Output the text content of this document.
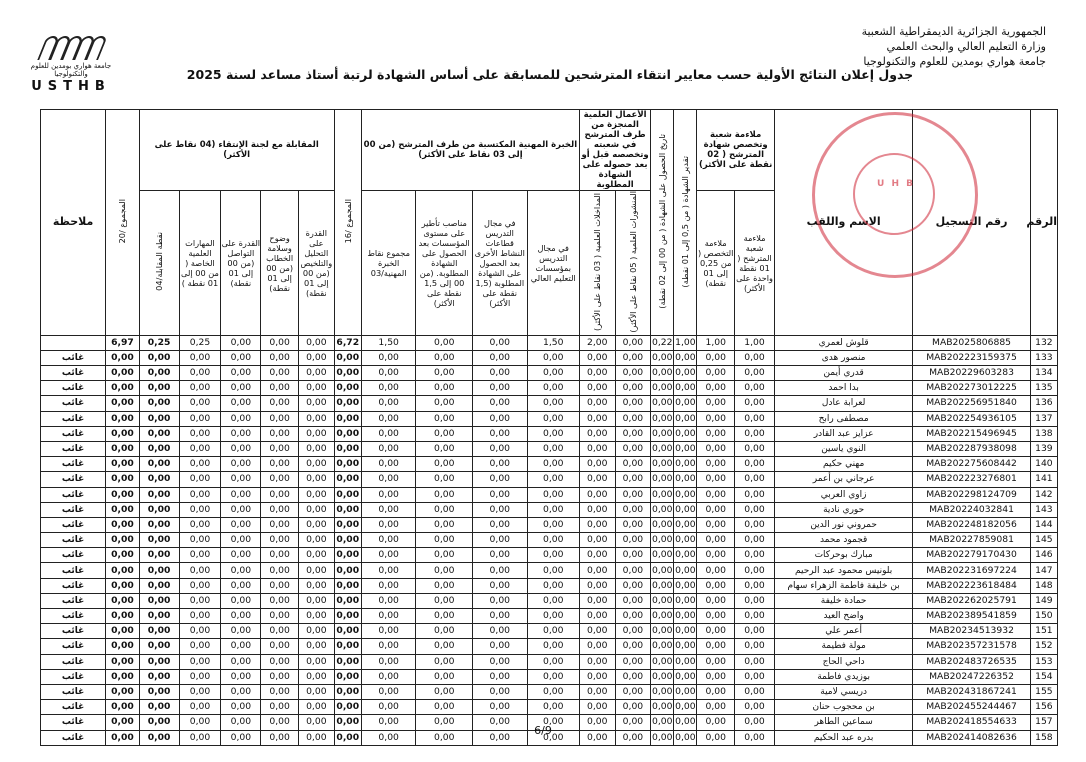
الجمهورية الجزائرية الديمقراطية الشعبية
وزارة التعليم العالي والبحث العلمي
جامعة هواري بومدين للعلوم والتكنولوجيا
جامعة هواري بومدين للعلوم والتكنولوجيا
USTHB
جدول إعلان النتائج الأولية حسب معايير انتقاء المترشحين للمسابقة على أساس الشهادة لرتبة أستاذ مساعد لسنة 2025
الرقم	رقم التسجيل	الاسم واللقب	ملاءمة شعبة وتخصص شهادة المترشح ( 02 نقطة على الأكثر)		تقدير الشهادة ( من 0,5 إلى 01 نقطة)	تاريخ الحصول على الشهادة ( من 00 إلى 02 نقطة)	الأعمال العلمية المنجزة من طرف المترشح في شعبته وتخصصه قبل أو بعد حصوله على الشهادة المطلوبة		الخبرة المهنية المكتسبة من طرف المترشح (من 00 إلى 03 نقاط على الأكثر)				المجموع /16	المقابلة مع لجنة الإنتقاء (04 نقاط على الأكثر)					المجموع /20	ملاحظة
			ملاءمة شعبة المترشح ( 01 نقطة واحدة على الأكثر)	ملاءمة التخصص ( من 0,25 إلى 01 نقطة)			المنشورات العلمية ( 05 نقاط على الأكثر)	المداخلات العلمية ( 03 نقاط على الأكثر)	في مجال التدريس بمؤسسات التعليم العالي	في مجال التدريس قطاعات النشاط الأخرى بعد الحصول على الشهادة المطلوبة (1,5 نقطة على الأكثر)	مناصب تأطير على مستوى المؤسسات بعد الحصول على الشهادة المطلوبة. (من 00 إلى 1,5 نقطة على الأكثر)	مجموع نقاط الخبرة المهنية/03		القدرة على التحليل والتلخيص (من 00 إلى 01 نقطة)	وضوح وسلامة الخطاب (من 00 إلى 01 نقطة)	القدرة على التواصل (من 00 إلى 01 نقطة)	المهارات العلمية الخاصة ( من 00 إلى 01 نقطة )	نقطة المقابلة/04		
132	MAB2025806885	قلوش لعمري	1,00	1,00	1,00	0,22	0,00	2,00	1,50	0,00	0,00	1,50	6,72	0,00	0,00	0,00	0,25	0,25	6,97	
133	MAB202223159375	منصور هدى	0,00	0,00	0,00	0,00	0,00	0,00	0,00	0,00	0,00	0,00	0,00	0,00	0,00	0,00	0,00	0,00	0,00	غائب
134	MAB20229603283	قدري أيمن	0,00	0,00	0,00	0,00	0,00	0,00	0,00	0,00	0,00	0,00	0,00	0,00	0,00	0,00	0,00	0,00	0,00	غائب
135	MAB202273012225	بدا احمد	0,00	0,00	0,00	0,00	0,00	0,00	0,00	0,00	0,00	0,00	0,00	0,00	0,00	0,00	0,00	0,00	0,00	غائب
136	MAB202256951840	لعرابة عادل	0,00	0,00	0,00	0,00	0,00	0,00	0,00	0,00	0,00	0,00	0,00	0,00	0,00	0,00	0,00	0,00	0,00	غائب
137	MAB202254936105	مصطفى رابح	0,00	0,00	0,00	0,00	0,00	0,00	0,00	0,00	0,00	0,00	0,00	0,00	0,00	0,00	0,00	0,00	0,00	غائب
138	MAB202215496945	عزايز عبد القادر	0,00	0,00	0,00	0,00	0,00	0,00	0,00	0,00	0,00	0,00	0,00	0,00	0,00	0,00	0,00	0,00	0,00	غائب
139	MAB202287938098	النوي ياسين	0,00	0,00	0,00	0,00	0,00	0,00	0,00	0,00	0,00	0,00	0,00	0,00	0,00	0,00	0,00	0,00	0,00	غائب
140	MAB202275608442	مهني حكيم	0,00	0,00	0,00	0,00	0,00	0,00	0,00	0,00	0,00	0,00	0,00	0,00	0,00	0,00	0,00	0,00	0,00	غائب
141	MAB202223276801	عرجاني بن أعمر	0,00	0,00	0,00	0,00	0,00	0,00	0,00	0,00	0,00	0,00	0,00	0,00	0,00	0,00	0,00	0,00	0,00	غائب
142	MAB202298124709	زاوي العربي	0,00	0,00	0,00	0,00	0,00	0,00	0,00	0,00	0,00	0,00	0,00	0,00	0,00	0,00	0,00	0,00	0,00	غائب
143	MAB20224032841	حوري نادية	0,00	0,00	0,00	0,00	0,00	0,00	0,00	0,00	0,00	0,00	0,00	0,00	0,00	0,00	0,00	0,00	0,00	غائب
144	MAB202248182056	حمروني نور الدين	0,00	0,00	0,00	0,00	0,00	0,00	0,00	0,00	0,00	0,00	0,00	0,00	0,00	0,00	0,00	0,00	0,00	غائب
145	MAB20227859081	قجمود محمد	0,00	0,00	0,00	0,00	0,00	0,00	0,00	0,00	0,00	0,00	0,00	0,00	0,00	0,00	0,00	0,00	0,00	غائب
146	MAB202279170430	مبارك بوحركات	0,00	0,00	0,00	0,00	0,00	0,00	0,00	0,00	0,00	0,00	0,00	0,00	0,00	0,00	0,00	0,00	0,00	غائب
147	MAB202231697224	بلونيس محمود عبد الرحيم	0,00	0,00	0,00	0,00	0,00	0,00	0,00	0,00	0,00	0,00	0,00	0,00	0,00	0,00	0,00	0,00	0,00	غائب
148	MAB202223618484	بن خليفة فاطمة الزهراء سهام	0,00	0,00	0,00	0,00	0,00	0,00	0,00	0,00	0,00	0,00	0,00	0,00	0,00	0,00	0,00	0,00	0,00	غائب
149	MAB202262025791	حمادة خليفة	0,00	0,00	0,00	0,00	0,00	0,00	0,00	0,00	0,00	0,00	0,00	0,00	0,00	0,00	0,00	0,00	0,00	غائب
150	MAB202389541859	واضح العيد	0,00	0,00	0,00	0,00	0,00	0,00	0,00	0,00	0,00	0,00	0,00	0,00	0,00	0,00	0,00	0,00	0,00	غائب
151	MAB20234513932	أعمر علي	0,00	0,00	0,00	0,00	0,00	0,00	0,00	0,00	0,00	0,00	0,00	0,00	0,00	0,00	0,00	0,00	0,00	غائب
152	MAB202357231578	مولة فطيمة	0,00	0,00	0,00	0,00	0,00	0,00	0,00	0,00	0,00	0,00	0,00	0,00	0,00	0,00	0,00	0,00	0,00	غائب
153	MAB202483726535	داحي الحاج	0,00	0,00	0,00	0,00	0,00	0,00	0,00	0,00	0,00	0,00	0,00	0,00	0,00	0,00	0,00	0,00	0,00	غائب
154	MAB20247226352	بوزيدي فاطمة	0,00	0,00	0,00	0,00	0,00	0,00	0,00	0,00	0,00	0,00	0,00	0,00	0,00	0,00	0,00	0,00	0,00	غائب
155	MAB202431867241	دريسي لامية	0,00	0,00	0,00	0,00	0,00	0,00	0,00	0,00	0,00	0,00	0,00	0,00	0,00	0,00	0,00	0,00	0,00	غائب
156	MAB202455244467	بن محجوب حنان	0,00	0,00	0,00	0,00	0,00	0,00	0,00	0,00	0,00	0,00	0,00	0,00	0,00	0,00	0,00	0,00	0,00	غائب
157	MAB202418554633	سماعين الطاهر	0,00	0,00	0,00	0,00	0,00	0,00	0,00	0,00	0,00	0,00	0,00	0,00	0,00	0,00	0,00	0,00	0,00	غائب
158	MAB202414082636	بدره عبد الحكيم	0,00	0,00	0,00	0,00	0,00	0,00	0,00	0,00	0,00	0,00	0,00	0,00	0,00	0,00	0,00	0,00	0,00	غائب
U H B
6/9
